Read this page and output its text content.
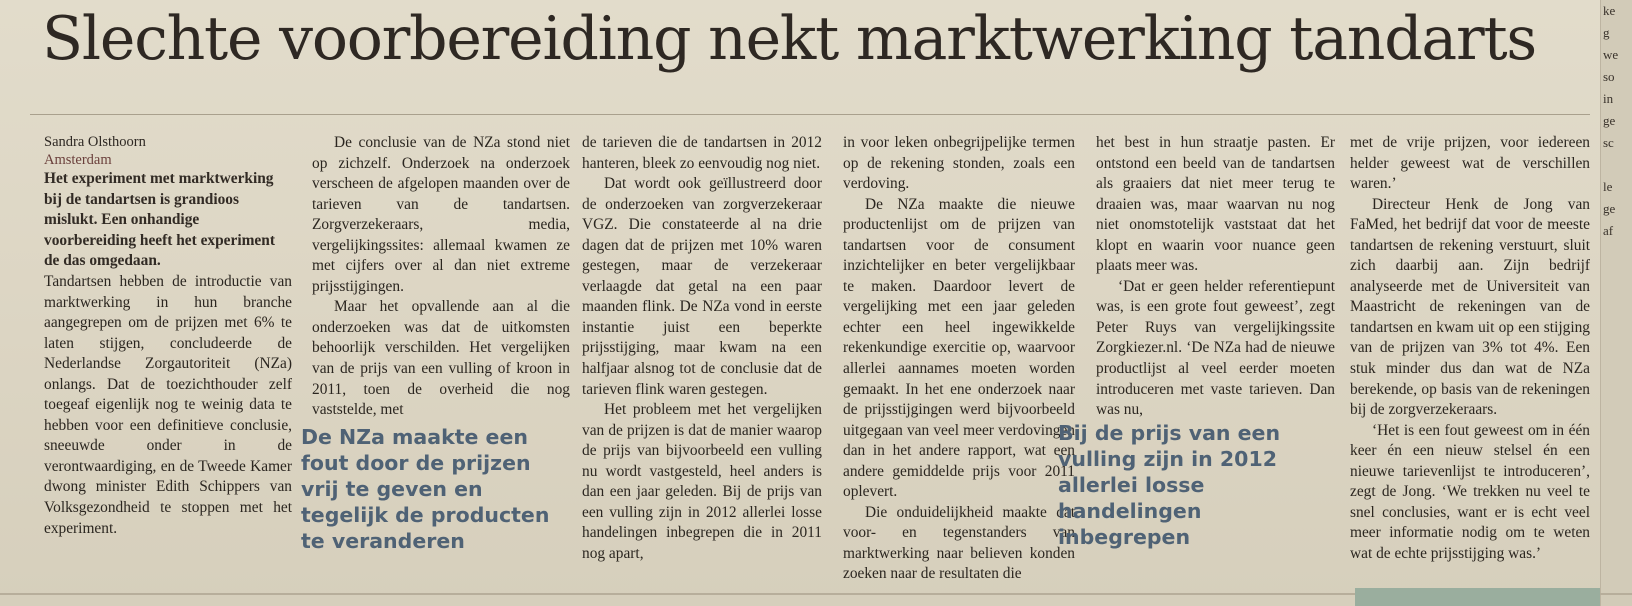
Slechte voorbereiding nekt marktwerking tandarts

Sandra Olsthoorn

Amsterdam

Het experiment met marktwerking bij de tandartsen is grandioos mislukt. Een onhandige voorbereiding heeft het experiment de das omgedaan.

Tandartsen hebben de introductie van marktwerking in hun branche aangegrepen om de prijzen met 6% te laten stijgen, concludeerde de Nederlandse Zorgautoriteit (NZa) onlangs. Dat de toezichthouder zelf toegeaf eigenlijk nog te weinig data te hebben voor een definitieve conclusie, sneeuwde onder in de verontwaardiging, en de Tweede Kamer dwong minister Edith Schippers van Volksgezondheid te stoppen met het experiment.

De conclusie van de NZa stond niet op zichzelf. Onderzoek na onderzoek verscheen de afgelopen maanden over de tarieven van de tandartsen. Zorgverzekeraars, media, vergelijkingssites: allemaal kwamen ze met cijfers over al dan niet extreme prijsstijgingen.

Maar het opvallende aan al die onderzoeken was dat de uitkomsten behoorlijk verschilden. Het vergelijken van de prijs van een vulling of kroon in 2011, toen de overheid die nog vaststelde, met

de tarieven die de tandartsen in 2012 hanteren, bleek zo eenvoudig nog niet.

Dat wordt ook geïllustreerd door de onderzoeken van zorgverzekeraar VGZ. Die constateerde al na drie dagen dat de prijzen met 10% waren gestegen, maar de verzekeraar verlaagde dat getal na een paar maanden flink. De NZa vond in eerste instantie juist een beperkte prijsstijging, maar kwam na een halfjaar alsnog tot de conclusie dat de tarieven flink waren gestegen.

Het probleem met het vergelijken van de prijzen is dat de manier waarop de prijs van bijvoorbeeld een vulling nu wordt vastgesteld, heel anders is dan een jaar geleden. Bij de prijs van een vulling zijn in 2012 allerlei losse handelingen inbegrepen die in 2011 nog apart,

in voor leken onbegrijpelijke termen op de rekening stonden, zoals een verdoving.

De NZa maakte die nieuwe productenlijst om de prijzen van tandartsen voor de consument inzichtelijker en beter vergelijkbaar te maken. Daardoor levert de vergelijking met een jaar geleden echter een heel ingewikkelde rekenkundige exercitie op, waarvoor allerlei aannames moeten worden gemaakt. In het ene onderzoek naar de prijsstijgingen werd bijvoorbeeld uitgegaan van veel meer verdovingen dan in het andere rapport, wat een andere gemiddelde prijs voor 2011 oplevert.

Die onduidelijkheid maakte dat voor- en tegenstanders van marktwerking naar believen konden zoeken naar de resultaten die

het best in hun straatje pasten. Er ontstond een beeld van de tandartsen als graaiers dat niet meer terug te draaien was, maar waarvan nu nog niet onomstotelijk vaststaat dat het klopt en waarin voor nuance geen plaats meer was.

‘Dat er geen helder referentiepunt was, is een grote fout geweest’, zegt Peter Ruys van vergelijkingssite Zorgkiezer.nl. ‘De NZa had de nieuwe productlijst al veel eerder moeten introduceren met vaste tarieven. Dan was nu,

met de vrije prijzen, voor iedereen helder geweest wat de verschillen waren.’

Directeur Henk de Jong van FaMed, het bedrijf dat voor de meeste tandartsen de rekening verstuurt, sluit zich daarbij aan. Zijn bedrijf analyseerde met de Universiteit van Maastricht de rekeningen van de tandartsen en kwam uit op een stijging van de prijzen van 3% tot 4%. Een stuk minder dus dan wat de NZa berekende, op basis van de rekeningen bij de zorgverzekeraars.

‘Het is een fout geweest om in één keer én een nieuw stelsel én een nieuwe tarievenlijst te introduceren’, zegt de Jong. ‘We trekken nu veel te snel conclusies, want er is echt veel meer informatie nodig om te weten wat de echte prijsstijging was.’

De NZa maakte een fout door de prijzen vrij te geven en tegelijk de producten te veranderen

Bij de prijs van een vulling zijn in 2012 allerlei losse handelingen inbegrepen

ke
g
we
so
in
ge
sc

le
ge
af
